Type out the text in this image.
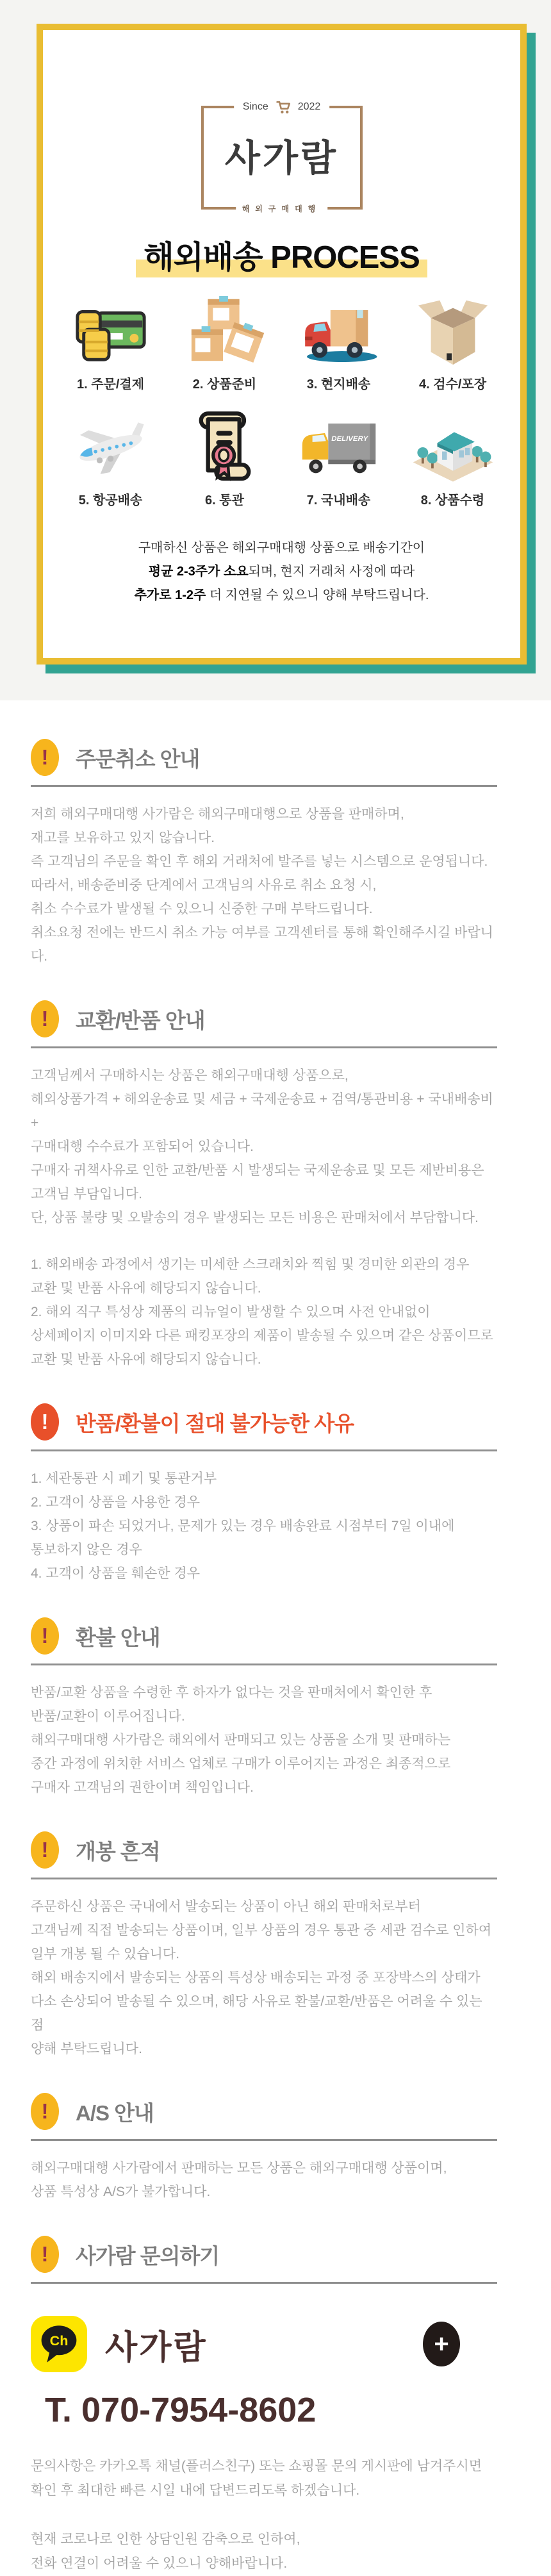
Since	2022
사가람
해외구매대행
해외배송 PROCESS
1. 주문/결제	2. 상품준비	3. 현지배송	4. 검수/포장
5. 항공배송	6. 통관
DELIVERY
7. 국내배송	8. 상품수령
구매하신 상품은 해외구매대행 상품으로 배송기간이
평균 2-3주가 소요되며, 현지 거래처 사정에 따라
추가로 1-2주 더 지연될 수 있으니 양해 부탁드립니다.
!	주문취소 안내
저희 해외구매대행 사가람은 해외구매대행으로 상품을 판매하며,
재고를 보유하고 있지 않습니다.
즉 고객님의 주문을 확인 후 해외 거래처에 발주를 넣는 시스템으로 운영됩니다.
따라서, 배송준비중 단계에서 고객님의 사유로 취소 요청 시,
취소 수수료가 발생될 수 있으니 신중한 구매 부탁드립니다.
취소요청 전에는 반드시 취소 가능 여부를 고객센터를 통해 확인해주시길 바랍니다.
!	교환/반품 안내
고객님께서 구매하시는 상품은 해외구매대행 상품으로,
해외상품가격 + 해외운송료 및 세금 + 국제운송료 + 검역/통관비용 + 국내배송비 +
구매대행 수수료가 포함되어 있습니다.
구매자 귀책사유로 인한 교환/반품 시 발생되는 국제운송료 및 모든 제반비용은
고객님 부담입니다.
단, 상품 불량 및 오발송의 경우 발생되는 모든 비용은 판매처에서 부담합니다.
1. 해외배송 과정에서 생기는 미세한 스크래치와 찍힘 및 경미한 외관의 경우
교환 및 반품 사유에 해당되지 않습니다.
2. 해외 직구 특성상 제품의 리뉴얼이 발생할 수 있으며 사전 안내없이
상세페이지 이미지와 다른 패킹포장의 제품이 발송될 수 있으며 같은 상품이므로
교환 및 반품 사유에 해당되지 않습니다.
!	반품/환불이 절대 불가능한 사유
1. 세관통관 시 폐기 및 통관거부
2. 고객이 상품을 사용한 경우
3. 상품이 파손 되었거나, 문제가 있는 경우 배송완료 시점부터 7일 이내에
통보하지 않은 경우
4. 고객이 상품을 훼손한 경우
!	환불 안내
반품/교환 상품을 수령한 후 하자가 없다는 것을 판매처에서 확인한 후
반품/교환이 이루어집니다.
해외구매대행 사가람은 해외에서 판매되고 있는 상품을 소개 및 판매하는
중간 과정에 위치한 서비스 업체로 구매가 이루어지는 과정은 최종적으로
구매자 고객님의 권한이며 책임입니다.
!	개봉 흔적
주문하신 상품은 국내에서 발송되는 상품이 아닌 해외 판매처로부터
고객님께 직접 발송되는 상품이며, 일부 상품의 경우 통관 중 세관 검수로 인하여
일부 개봉 될 수 있습니다.
해외 배송지에서 발송되는 상품의 특성상 배송되는 과정 중 포장박스의 상태가
다소 손상되어 발송될 수 있으며, 해당 사유로 환불/교환/반품은 어려울 수 있는 점
양해 부탁드립니다.
!	A/S 안내
해외구매대행 사가람에서 판매하는 모든 상품은 해외구매대행 상품이며,
상품 특성상 A/S가 불가합니다.
!	사가람 문의하기
Ch 사가람	+
T. 070-7954-8602
문의사항은 카카오톡 채널(플러스친구) 또는 쇼핑몰 문의 게시판에 남겨주시면
확인 후 최대한 빠른 시일 내에 답변드리도록 하겠습니다.
현재 코로나로 인한 상담인원 감축으로 인하여,
전화 연결이 어려울 수 있으니 양해바랍니다.
